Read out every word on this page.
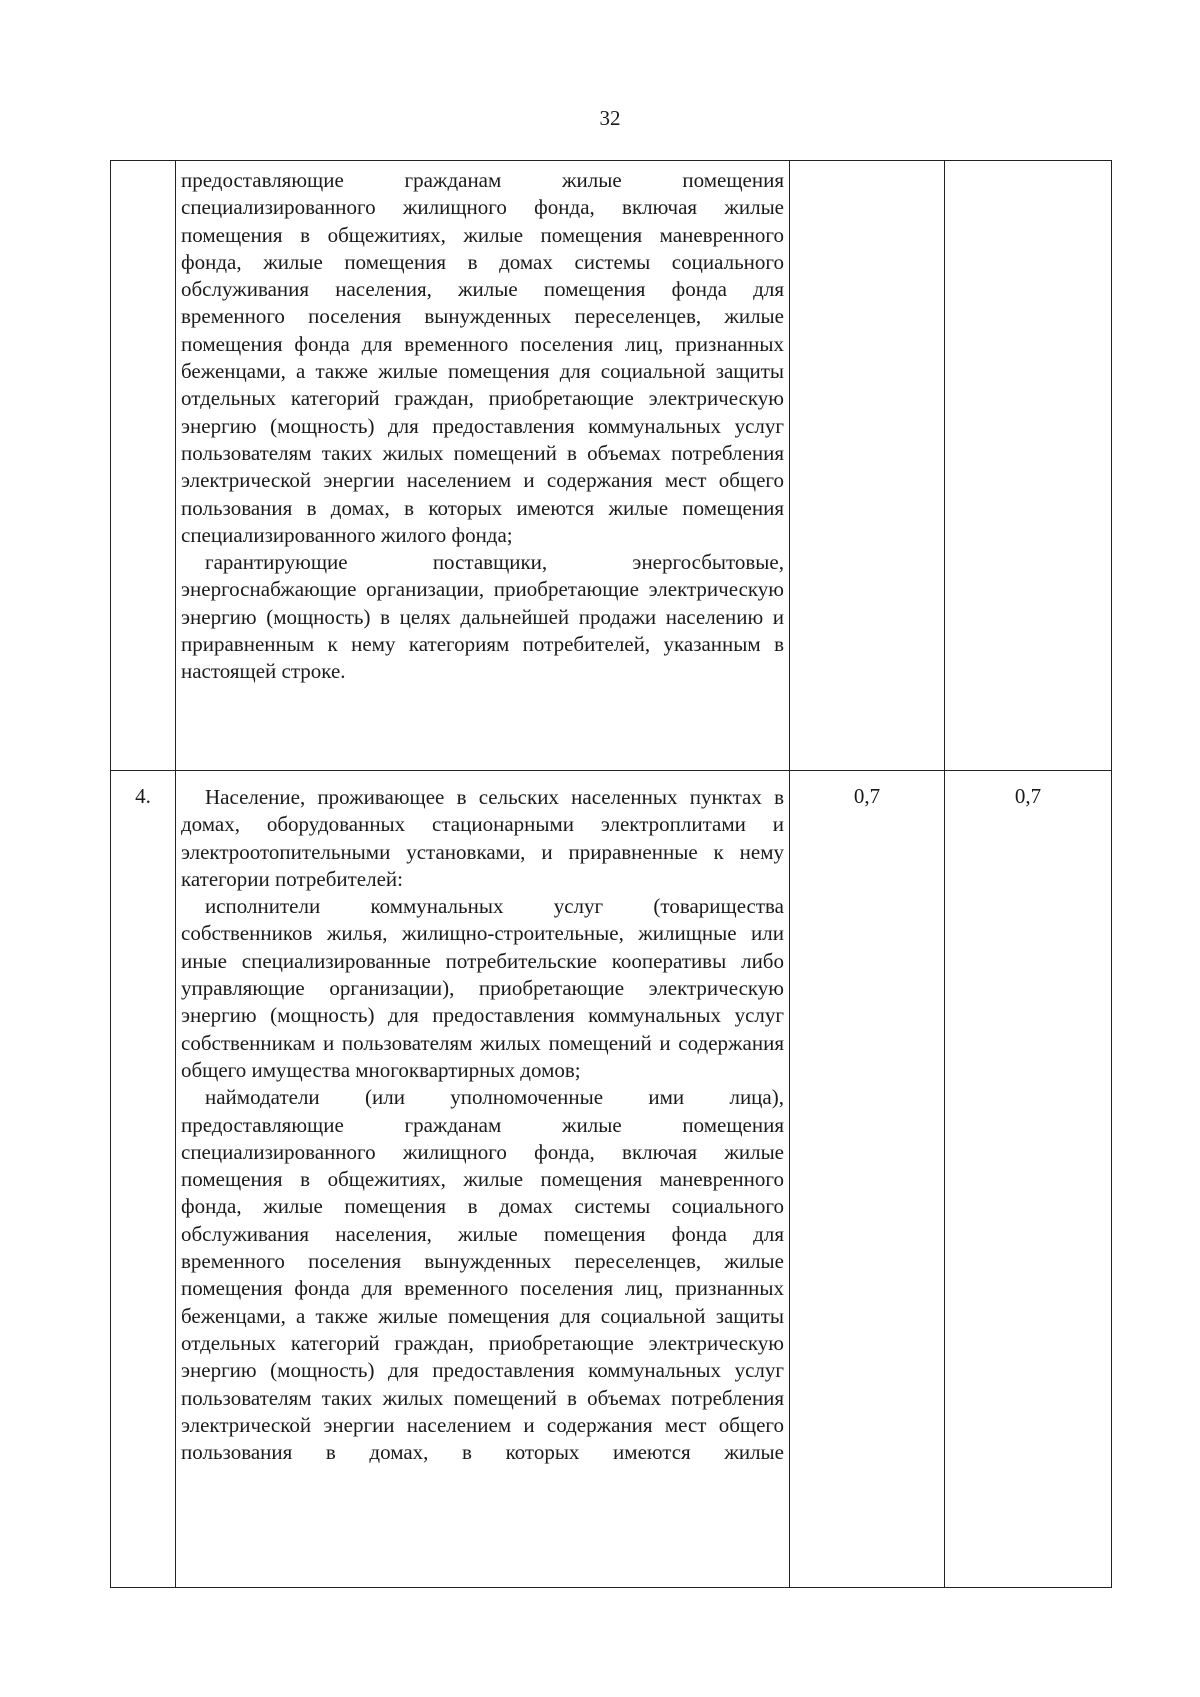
32

	предоставляющие гражданам жилые помещения специализированного жилищного фонда, включая жилые помещения в общежитиях, жилые помещения маневренного фонда, жилые помещения в домах системы социального обслуживания населения, жилые помещения фонда для временного поселения вынужденных переселенцев, жилые помещения фонда для временного поселения лиц, признанных беженцами, а также жилые помещения для социальной защиты отдельных категорий граждан, приобретающие электрическую энергию (мощность) для предоставления коммунальных услуг пользователям таких жилых помещений в объемах потребления электрической энергии населением и содержания мест общего пользования в домах, в которых имеются жилые помещения специализированного жилого фонда;

гарантирующие поставщики, энергосбытовые, энергоснабжающие организации, приобретающие электрическую энергию (мощность) в целях дальнейшей продажи населению и приравненным к нему категориям потребителей, указанным в настоящей строке.		

4.	Население, проживающее в сельских населенных пунктах в домах, оборудованных стационарными электроплитами и электроотопительными установками, и приравненные к нему категории потребителей:

исполнители коммунальных услуг (товарищества собственников жилья, жилищно-строительные, жилищные или иные специализированные потребительские кооперативы либо управляющие организации), приобретающие электрическую энергию (мощность) для предоставления коммунальных услуг собственникам и пользователям жилых помещений и содержания общего имущества многоквартирных домов;

наймодатели (или уполномоченные ими лица), предоставляющие гражданам жилые помещения специализированного жилищного фонда, включая жилые помещения в общежитиях, жилые помещения маневренного фонда, жилые помещения в домах системы социального обслуживания населения, жилые помещения фонда для временного поселения вынужденных переселенцев, жилые помещения фонда для временного поселения лиц, признанных беженцами, а также жилые помещения для социальной защиты отдельных категорий граждан, приобретающие электрическую энергию (мощность) для предоставления коммунальных услуг пользователям таких жилых помещений в объемах потребления электрической энергии населением и содержания мест общего пользования в домах, в которых имеются жилые	0,7	0,7
